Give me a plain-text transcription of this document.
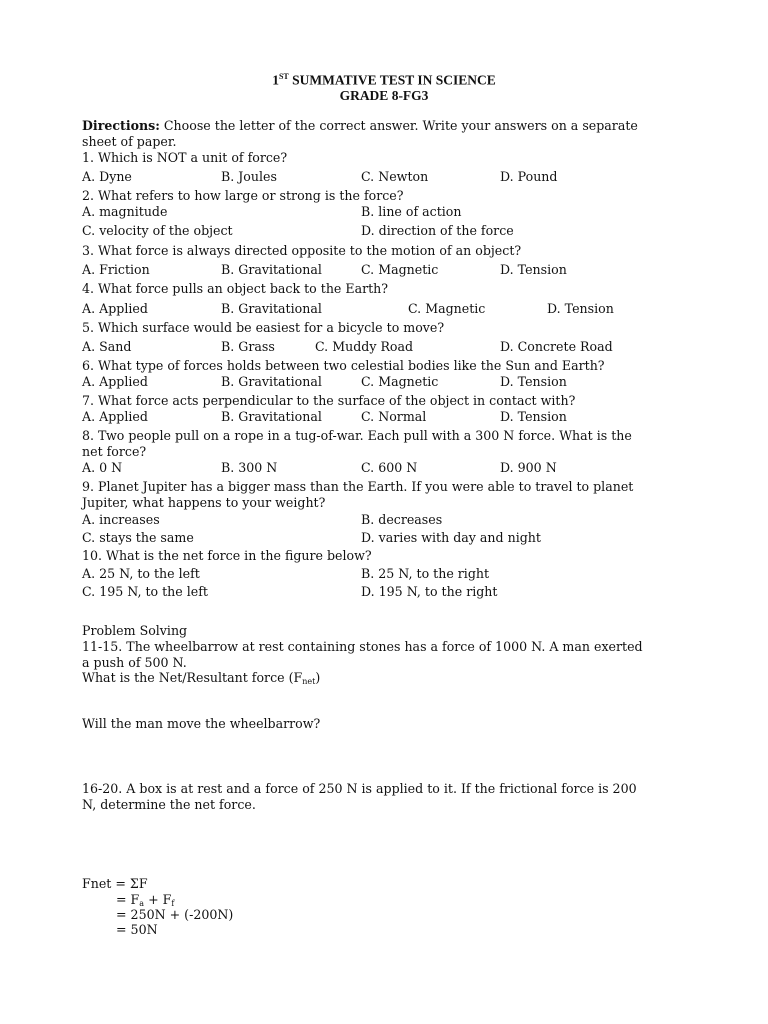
1ST SUMMATIVE TEST IN SCIENCE
GRADE 8-FG3
Directions: Choose the letter of the correct answer. Write your answers on a separate
sheet of paper.
1. Which is NOT a unit of force?
A. Dyne	B. Joules	C. Newton	D. Pound
2. What refers to how large or strong is the force?
A. magnitude	B. line of action
C. velocity of the object	D. direction of the force
3. What force is always directed opposite to the motion of an object?
A. Friction	B. Gravitational	C. Magnetic	D. Tension
4. What force pulls an object back to the Earth?
A. Applied	B. Gravitational	C. Magnetic	D. Tension
5. Which surface would be easiest for a bicycle to move?
A. Sand	B. Grass	C. Muddy Road	D. Concrete Road
6. What type of forces holds between two celestial bodies like the Sun and Earth?
A. Applied	B. Gravitational	C. Magnetic	D. Tension
7. What force acts perpendicular to the surface of the object in contact with?
A. Applied	B. Gravitational	C. Normal	D. Tension
8. Two people pull on a rope in a tug-of-war. Each pull with a 300 N force. What is the
net force?
A. 0 N	B. 300 N	C. 600 N	D. 900 N
9. Planet Jupiter has a bigger mass than the Earth. If you were able to travel to planet
Jupiter, what happens to your weight?
A. increases	B. decreases
C. stays the same	D. varies with day and night
10. What is the net force in the figure below?
A. 25 N, to the left	B. 25 N, to the right
C. 195 N, to the left	D. 195 N, to the right
Problem Solving
11-15. The wheelbarrow at rest containing stones has a force of 1000 N. A man exerted
a push of 500 N.
What is the Net/Resultant force $(F_{net})$
Will the man move the wheelbarrow?
16-20. A box is at rest and a force of 250 N is applied to it. If the frictional force is 200
N, determine the net force.
Fnet = ΣF
= $F_a + F_f$
= 250N + (-200N)
= 50N
